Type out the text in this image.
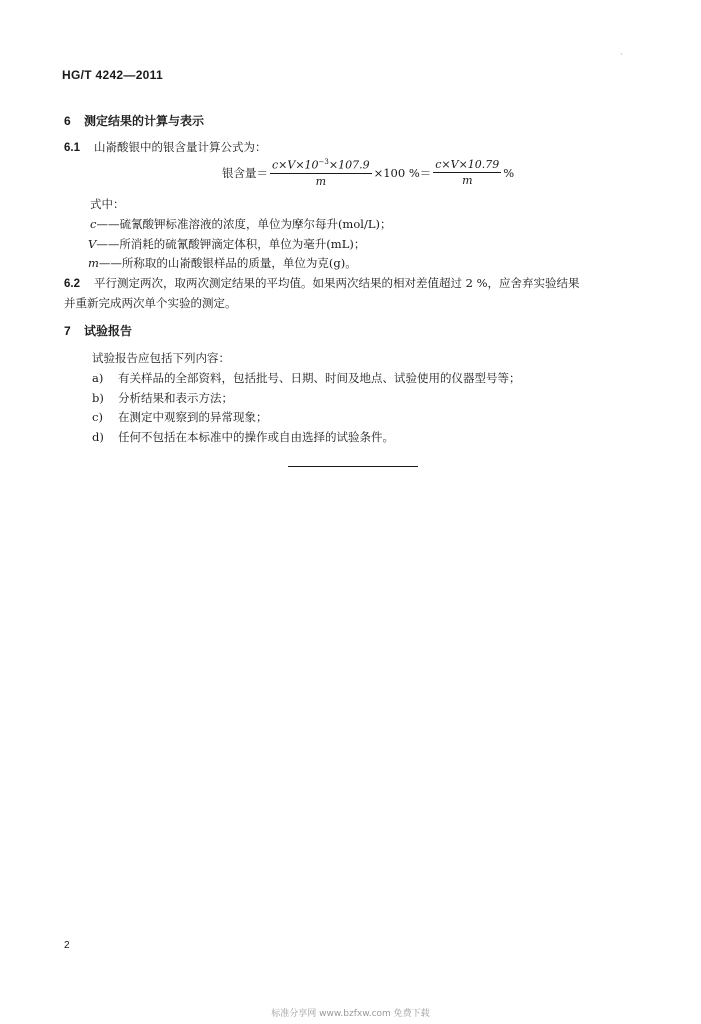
·
HG/T 4242—2011
6 测定结果的计算与表示
6.1 山嵛酸银中的银含量计算公式为：
银含量＝ $\frac{c\times V\times 10^{-3}\times 107.9}{m} \times 100$ %＝ $\frac{c\times V\times 10.79}{m}$ %
式中：
c——硫氰酸钾标准溶液的浓度，单位为摩尔每升(mol/L)；
V——所消耗的硫氰酸钾滴定体积，单位为毫升(mL)；
m——所称取的山嵛酸银样品的质量，单位为克(g)。
6.2 平行测定两次，取两次测定结果的平均值。如果两次结果的相对差值超过 2 %，应舍弃实验结果
并重新完成两次单个实验的测定。
7 试验报告
试验报告应包括下列内容：
a) 有关样品的全部资料，包括批号、日期、时间及地点、试验使用的仪器型号等；
b) 分析结果和表示方法；
c) 在测定中观察到的异常现象；
d) 任何不包括在本标准中的操作或自由选择的试验条件。
2
标准分享网 www.bzfxw.com 免费下载
